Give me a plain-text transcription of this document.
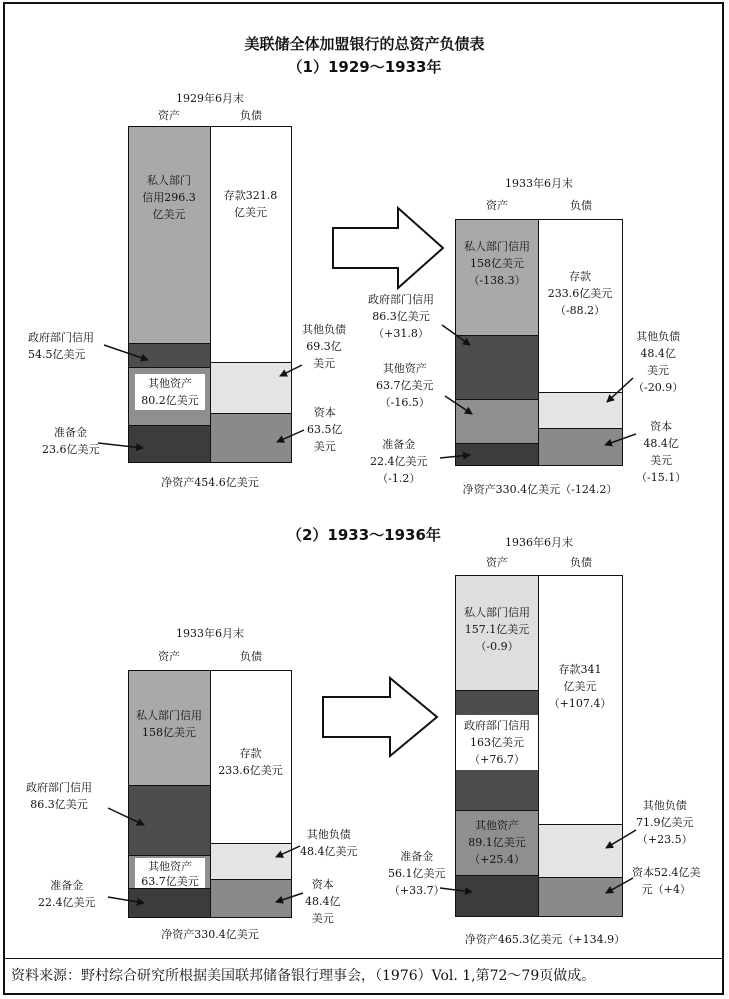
美联储全体加盟银行的总资产负债表
（1）1929～1933年
1929年6月末
资产	负债
私人部门
信用296.3
亿美元
其他资产
80.2亿美元
存款321.8
亿美元
政府部门信用
54.5亿美元
准备金
23.6亿美元
其他负债
69.3亿
美元
资本
63.5亿
美元
净资产454.6亿美元
1933年6月末
资产	负债
私人部门信用
158亿美元
（-138.3）	存款
233.6亿美元
（-88.2）
政府部门信用
86.3亿美元
（+31.8）
其他资产
63.7亿美元
（-16.5）
准备金
22.4亿美元
（-1.2）
其他负债
48.4亿
美元
（-20.9）
资本
48.4亿
美元
（-15.1）
净资产330.4亿美元（-124.2）
（2）1933～1936年
1933年6月末
资产	负债
私人部门信用
158亿美元
其他资产
63.7亿美元
存款
233.6亿美元
政府部门信用
86.3亿美元
准备金
22.4亿美元
其他负债
48.4亿美元
资本
48.4亿
美元
净资产330.4亿美元
1936年6月末
资产	负债
私人部门信用
157.1亿美元
（-0.9）
政府部门信用
163亿美元
（+76.7）
其他资产
89.1亿美元
（+25.4）
存款341
亿美元
（+107.4）
准备金
56.1亿美元
（+33.7）
其他负债
71.9亿美元
（+23.5）
资本52.4亿美
元（+4）
净资产465.3亿美元（+134.9）
资料来源：野村综合研究所根据美国联邦储备银行理事会，（1976）Vol. 1,第72～79页做成。
